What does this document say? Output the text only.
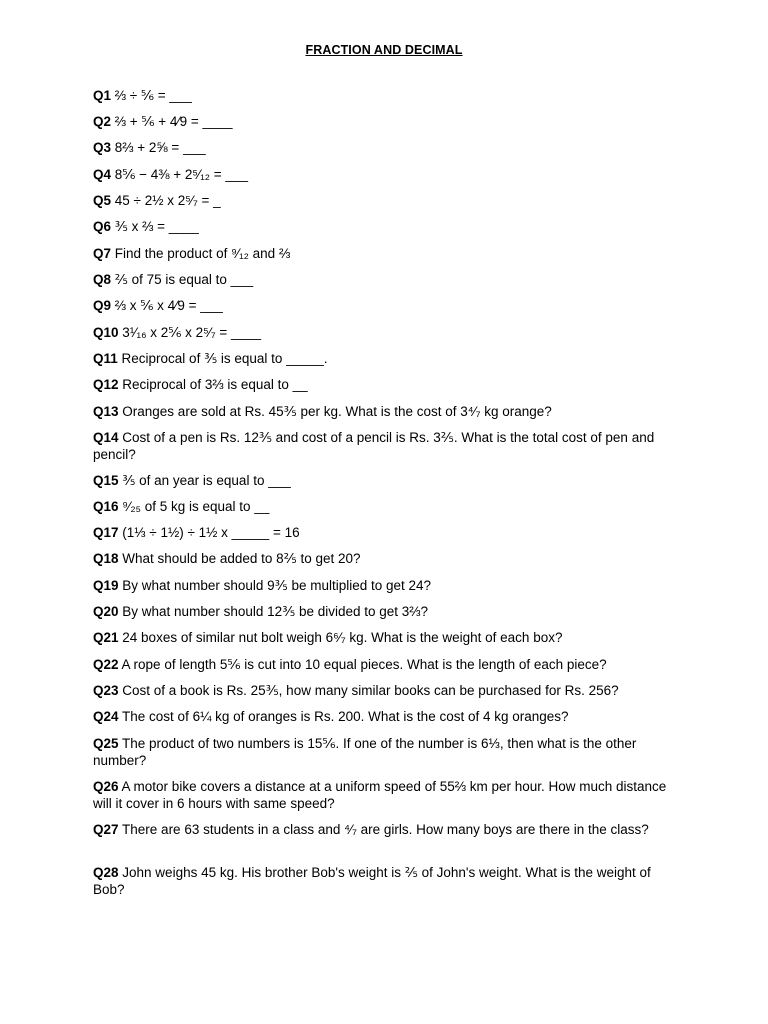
FRACTION AND DECIMAL
Q1 ⅔ ÷ ⅚ = ___
Q2 ⅔ + ⅚ + 4⁄9 = ____
Q3 8⅔ + 2⅝ = ___
Q4 8⅚ − 4⅜ + 2⁵⁄₁₂ = ___
Q5 45 ÷ 2½ x 2⁵⁄₇ = _
Q6 ⅗ x ⅔ = ____
Q7 Find the product of ⁹⁄₁₂ and ⅔
Q8 ⅖ of 75 is equal to ___
Q9 ⅔ x ⅚ x 4⁄9 = ___
Q10 3¹⁄₁₆ x 2⅚ x 2⁵⁄₇ = ____
Q11 Reciprocal of ⅗ is equal to _____.
Q12 Reciprocal of 3⅔ is equal to __
Q13 Oranges are sold at Rs. 45⅗ per kg. What is the cost of 3⁴⁄₇ kg orange?
Q14 Cost of a pen is Rs. 12⅗ and cost of a pencil is Rs. 3⅖. What is the total cost of pen and pencil?
Q15 ⅗ of an year is equal to ___
Q16 ⁹⁄₂₅ of 5 kg is equal to __
Q17 (1⅓ ÷ 1½) ÷ 1½ x _____ = 16
Q18 What should be added to 8⅖ to get 20?
Q19 By what number should 9⅗ be multiplied to get 24?
Q20 By what number should 12⅗ be divided to get 3⅔?
Q21 24 boxes of similar nut bolt weigh 6⁶⁄₇ kg. What is the weight of each box?
Q22 A rope of length 5⅚ is cut into 10 equal pieces. What is the length of each piece?
Q23 Cost of a book is Rs. 25⅗, how many similar books can be purchased for Rs. 256?
Q24 The cost of 6¼ kg of oranges is Rs. 200. What is the cost of 4 kg oranges?
Q25 The product of two numbers is 15⅚. If one of the number is 6⅓, then what is the other number?
Q26 A motor bike covers a distance at a uniform speed of 55⅔ km per hour. How much distance will it cover in 6 hours with same speed?
Q27 There are 63 students in a class and ⁴⁄₇ are girls. How many boys are there in the class?
Q28 John weighs 45 kg. His brother Bob's weight is ⅖ of John's weight. What is the weight of Bob?
